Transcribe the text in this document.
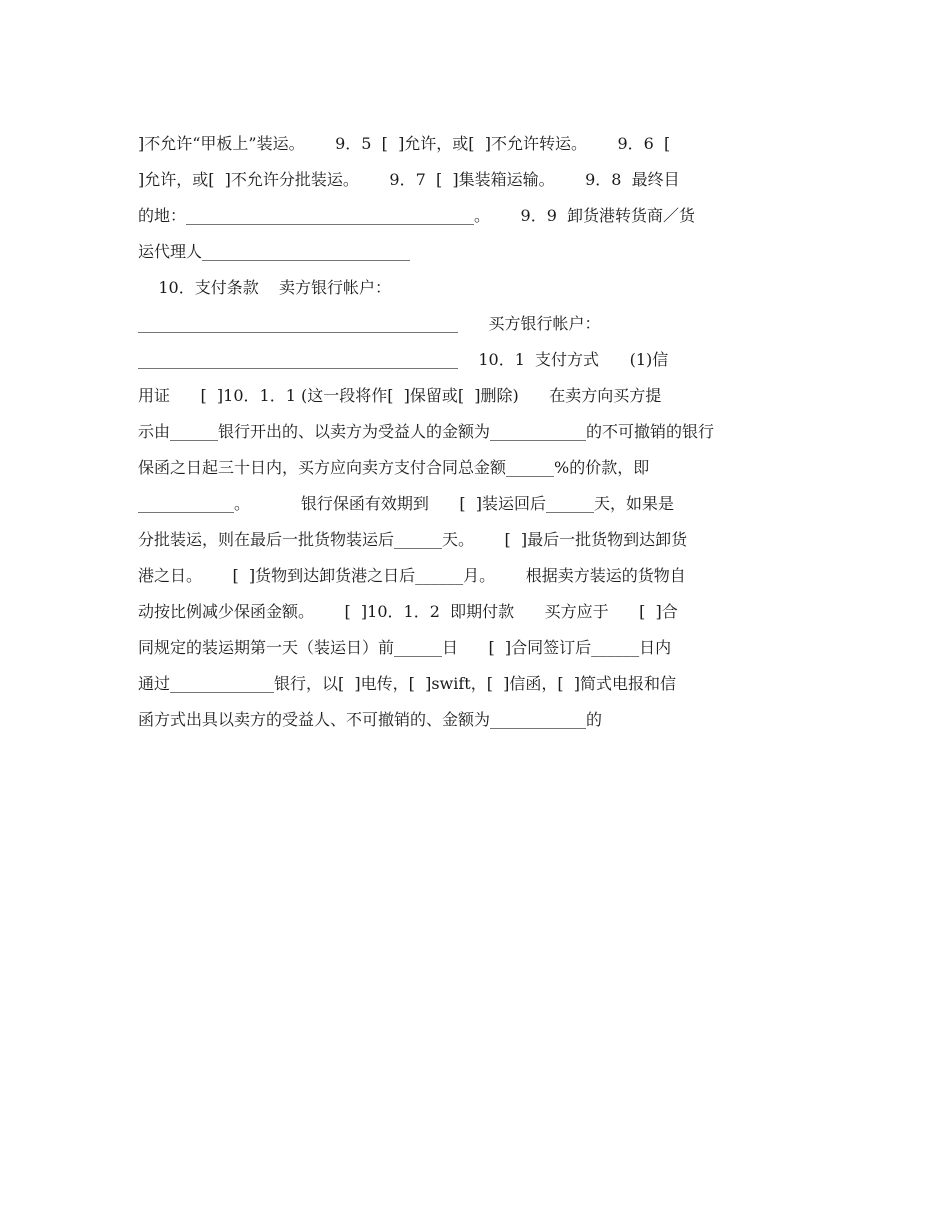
]不允许“甲板上”装运。      9．5  [  ]允许，或[  ]不允许转运。      9．6  [
]允许，或[  ]不允许分批装运。      9．7  [  ]集装箱运输。      9．8  最终目
的地：____________________________________。      9．9  卸货港转货商／货
运代理人__________________________
10．支付条款    卖方银行帐户：
________________________________________      买方银行帐户：
________________________________________    10．1  支付方式      (1)信
用证      [  ]10．1．1 (这一段将作[  ]保留或[  ]删除)      在卖方向买方提
示由______银行开出的、以卖方为受益人的金额为____________的不可撤销的银行
保函之日起三十日内，买方应向卖方支付合同总金额______%的价款，即
____________。          银行保函有效期到      [  ]装运回后______天，如果是
分批装运，则在最后一批货物装运后______天。      [  ]最后一批货物到达卸货
港之日。      [  ]货物到达卸货港之日后______月。      根据卖方装运的货物自
动按比例减少保函金额。      [  ]10．1．2  即期付款      买方应于      [  ]合
同规定的装运期第一天（装运日）前______日      [  ]合同签订后______日内
通过_____________银行，以[  ]电传，[  ]swift，[  ]信函，[  ]简式电报和信
函方式出具以卖方的受益人、不可撤销的、金额为____________的
